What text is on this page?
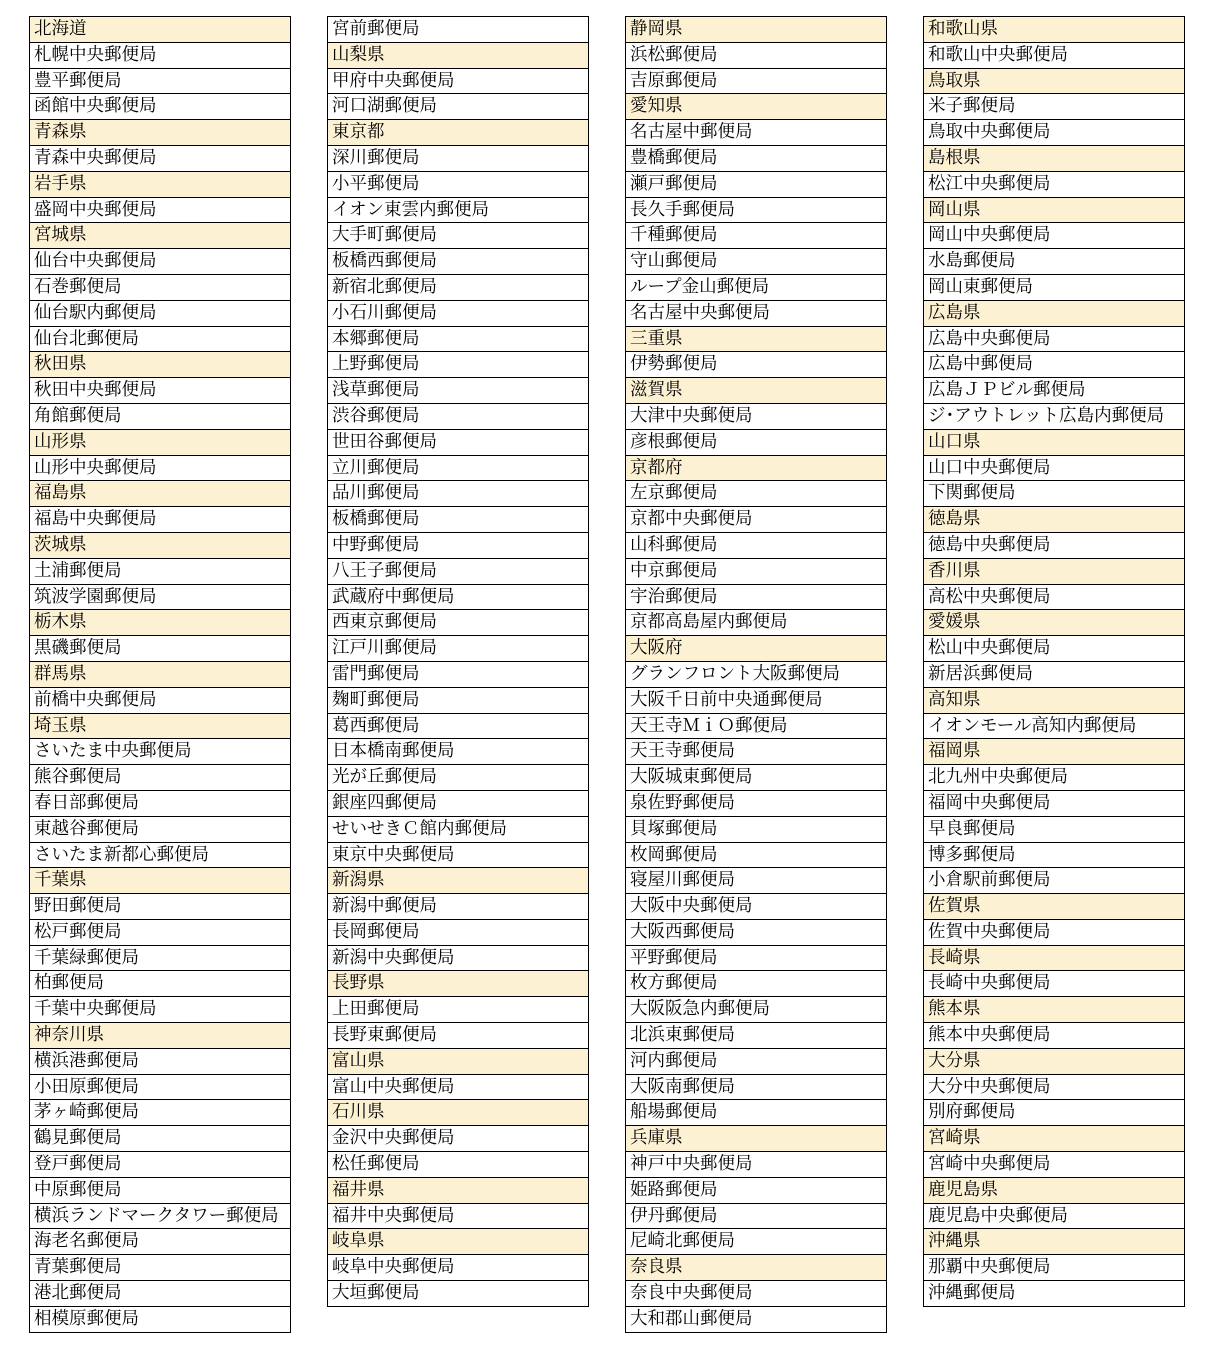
北海道
札幌中央郵便局
豊平郵便局
函館中央郵便局
青森県
青森中央郵便局
岩手県
盛岡中央郵便局
宮城県
仙台中央郵便局
石巻郵便局
仙台駅内郵便局
仙台北郵便局
秋田県
秋田中央郵便局
角館郵便局
山形県
山形中央郵便局
福島県
福島中央郵便局
茨城県
土浦郵便局
筑波学園郵便局
栃木県
黒磯郵便局
群馬県
前橋中央郵便局
埼玉県
さいたま中央郵便局
熊谷郵便局
春日部郵便局
東越谷郵便局
さいたま新都心郵便局
千葉県
野田郵便局
松戸郵便局
千葉緑郵便局
柏郵便局
千葉中央郵便局
神奈川県
横浜港郵便局
小田原郵便局
茅ヶ崎郵便局
鶴見郵便局
登戸郵便局
中原郵便局
横浜ランドマークタワー郵便局
海老名郵便局
青葉郵便局
港北郵便局
相模原郵便局
宮前郵便局
山梨県
甲府中央郵便局
河口湖郵便局
東京都
深川郵便局
小平郵便局
イオン東雲内郵便局
大手町郵便局
板橋西郵便局
新宿北郵便局
小石川郵便局
本郷郵便局
上野郵便局
浅草郵便局
渋谷郵便局
世田谷郵便局
立川郵便局
品川郵便局
板橋郵便局
中野郵便局
八王子郵便局
武蔵府中郵便局
西東京郵便局
江戸川郵便局
雷門郵便局
麹町郵便局
葛西郵便局
日本橋南郵便局
光が丘郵便局
銀座四郵便局
せいせきＣ館内郵便局
東京中央郵便局
新潟県
新潟中郵便局
長岡郵便局
新潟中央郵便局
長野県
上田郵便局
長野東郵便局
富山県
富山中央郵便局
石川県
金沢中央郵便局
松任郵便局
福井県
福井中央郵便局
岐阜県
岐阜中央郵便局
大垣郵便局
静岡県
浜松郵便局
吉原郵便局
愛知県
名古屋中郵便局
豊橋郵便局
瀬戸郵便局
長久手郵便局
千種郵便局
守山郵便局
ループ金山郵便局
名古屋中央郵便局
三重県
伊勢郵便局
滋賀県
大津中央郵便局
彦根郵便局
京都府
左京郵便局
京都中央郵便局
山科郵便局
中京郵便局
宇治郵便局
京都高島屋内郵便局
大阪府
グランフロント大阪郵便局
大阪千日前中央通郵便局
天王寺ＭｉＯ郵便局
天王寺郵便局
大阪城東郵便局
泉佐野郵便局
貝塚郵便局
枚岡郵便局
寝屋川郵便局
大阪中央郵便局
大阪西郵便局
平野郵便局
枚方郵便局
大阪阪急内郵便局
北浜東郵便局
河内郵便局
大阪南郵便局
船場郵便局
兵庫県
神戸中央郵便局
姫路郵便局
伊丹郵便局
尼崎北郵便局
奈良県
奈良中央郵便局
大和郡山郵便局
和歌山県
和歌山中央郵便局
鳥取県
米子郵便局
鳥取中央郵便局
島根県
松江中央郵便局
岡山県
岡山中央郵便局
水島郵便局
岡山東郵便局
広島県
広島中央郵便局
広島中郵便局
広島ＪＰビル郵便局
ジ･アウトレット広島内郵便局
山口県
山口中央郵便局
下関郵便局
徳島県
徳島中央郵便局
香川県
高松中央郵便局
愛媛県
松山中央郵便局
新居浜郵便局
高知県
イオンモール高知内郵便局
福岡県
北九州中央郵便局
福岡中央郵便局
早良郵便局
博多郵便局
小倉駅前郵便局
佐賀県
佐賀中央郵便局
長崎県
長崎中央郵便局
熊本県
熊本中央郵便局
大分県
大分中央郵便局
別府郵便局
宮崎県
宮崎中央郵便局
鹿児島県
鹿児島中央郵便局
沖縄県
那覇中央郵便局
沖縄郵便局
